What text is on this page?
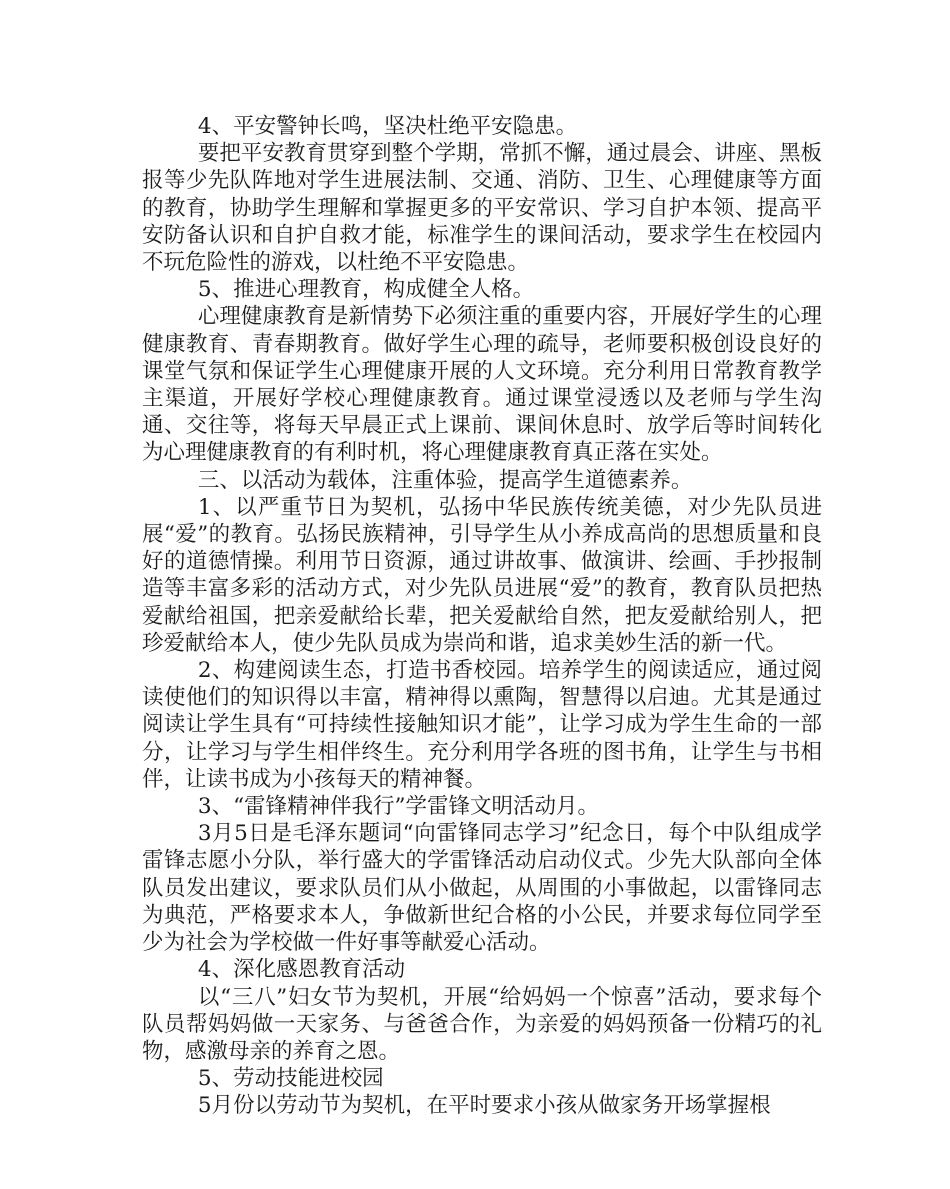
4、平安警钟长鸣，坚决杜绝平安隐患。

要把平安教育贯穿到整个学期，常抓不懈，通过晨会、讲座、黑板报等少先队阵地对学生进展法制、交通、消防、卫生、心理健康等方面的教育，协助学生理解和掌握更多的平安常识、学习自护本领、提高平安防备认识和自护自救才能，标准学生的课间活动，要求学生在校园内不玩危险性的游戏，以杜绝不平安隐患。

5、推进心理教育，构成健全人格。

心理健康教育是新情势下必须注重的重要内容，开展好学生的心理健康教育、青春期教育。做好学生心理的疏导，老师要积极创设良好的课堂气氛和保证学生心理健康开展的人文环境。充分利用日常教育教学主渠道，开展好学校心理健康教育。通过课堂浸透以及老师与学生沟通、交往等，将每天早晨正式上课前、课间休息时、放学后等时间转化为心理健康教育的有利时机，将心理健康教育真正落在实处。

三、以活动为载体，注重体验，提高学生道德素养。

1、以严重节日为契机，弘扬中华民族传统美德，对少先队员进展“爱”的教育。弘扬民族精神，引导学生从小养成高尚的思想质量和良好的道德情操。利用节日资源，通过讲故事、做演讲、绘画、手抄报制造等丰富多彩的活动方式，对少先队员进展“爱”的教育，教育队员把热爱献给祖国，把亲爱献给长辈，把关爱献给自然，把友爱献给别人，把珍爱献给本人，使少先队员成为崇尚和谐，追求美妙生活的新一代。

2、构建阅读生态，打造书香校园。培养学生的阅读适应，通过阅读使他们的知识得以丰富，精神得以熏陶，智慧得以启迪。尤其是通过阅读让学生具有“可持续性接触知识才能”，让学习成为学生生命的一部分，让学习与学生相伴终生。充分利用学各班的图书角，让学生与书相伴，让读书成为小孩每天的精神餐。

3、“雷锋精神伴我行”学雷锋文明活动月。

3月5日是毛泽东题词“向雷锋同志学习”纪念日，每个中队组成学雷锋志愿小分队，举行盛大的学雷锋活动启动仪式。少先大队部向全体队员发出建议，要求队员们从小做起，从周围的小事做起，以雷锋同志为典范，严格要求本人，争做新世纪合格的小公民，并要求每位同学至少为社会为学校做一件好事等献爱心活动。

4、深化感恩教育活动

以“三八”妇女节为契机，开展“给妈妈一个惊喜”活动，要求每个队员帮妈妈做一天家务、与爸爸合作，为亲爱的妈妈预备一份精巧的礼物，感激母亲的养育之恩。

5、劳动技能进校园

5月份以劳动节为契机，在平时要求小孩从做家务开场掌握根
